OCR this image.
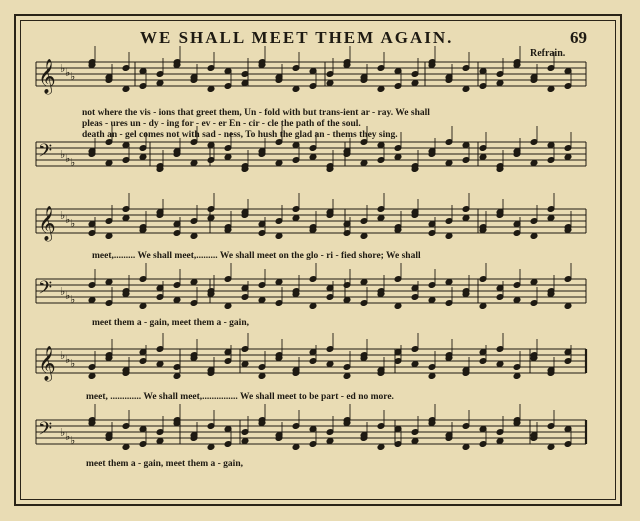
WE SHALL MEET THEM AGAIN.	69
Refrain.
𝄞 ♭ ♭ ♭
𝄢 ♭ ♭ ♭
𝄞 ♭ ♭ ♭
𝄢 ♭ ♭ ♭
𝄞 ♭ ♭ ♭
𝄢 ♭ ♭ ♭
not where the vis - ions that greet them, Un - fold with but trans-ient ar - ray. We shall
pleas - ures un - dy - ing for - ev - er En - cir - cle the path of the soul.
death an - gel comes not with sad - ness, To hush the glad an - thems they sing.
meet,......... We shall meet,......... We shall meet on the glo - ri - fied shore; We shall
meet them a - gain, meet them a - gain,
meet, ............. We shall meet,............... We shall meet to be part - ed no more.
meet them a - gain, meet them a - gain,
